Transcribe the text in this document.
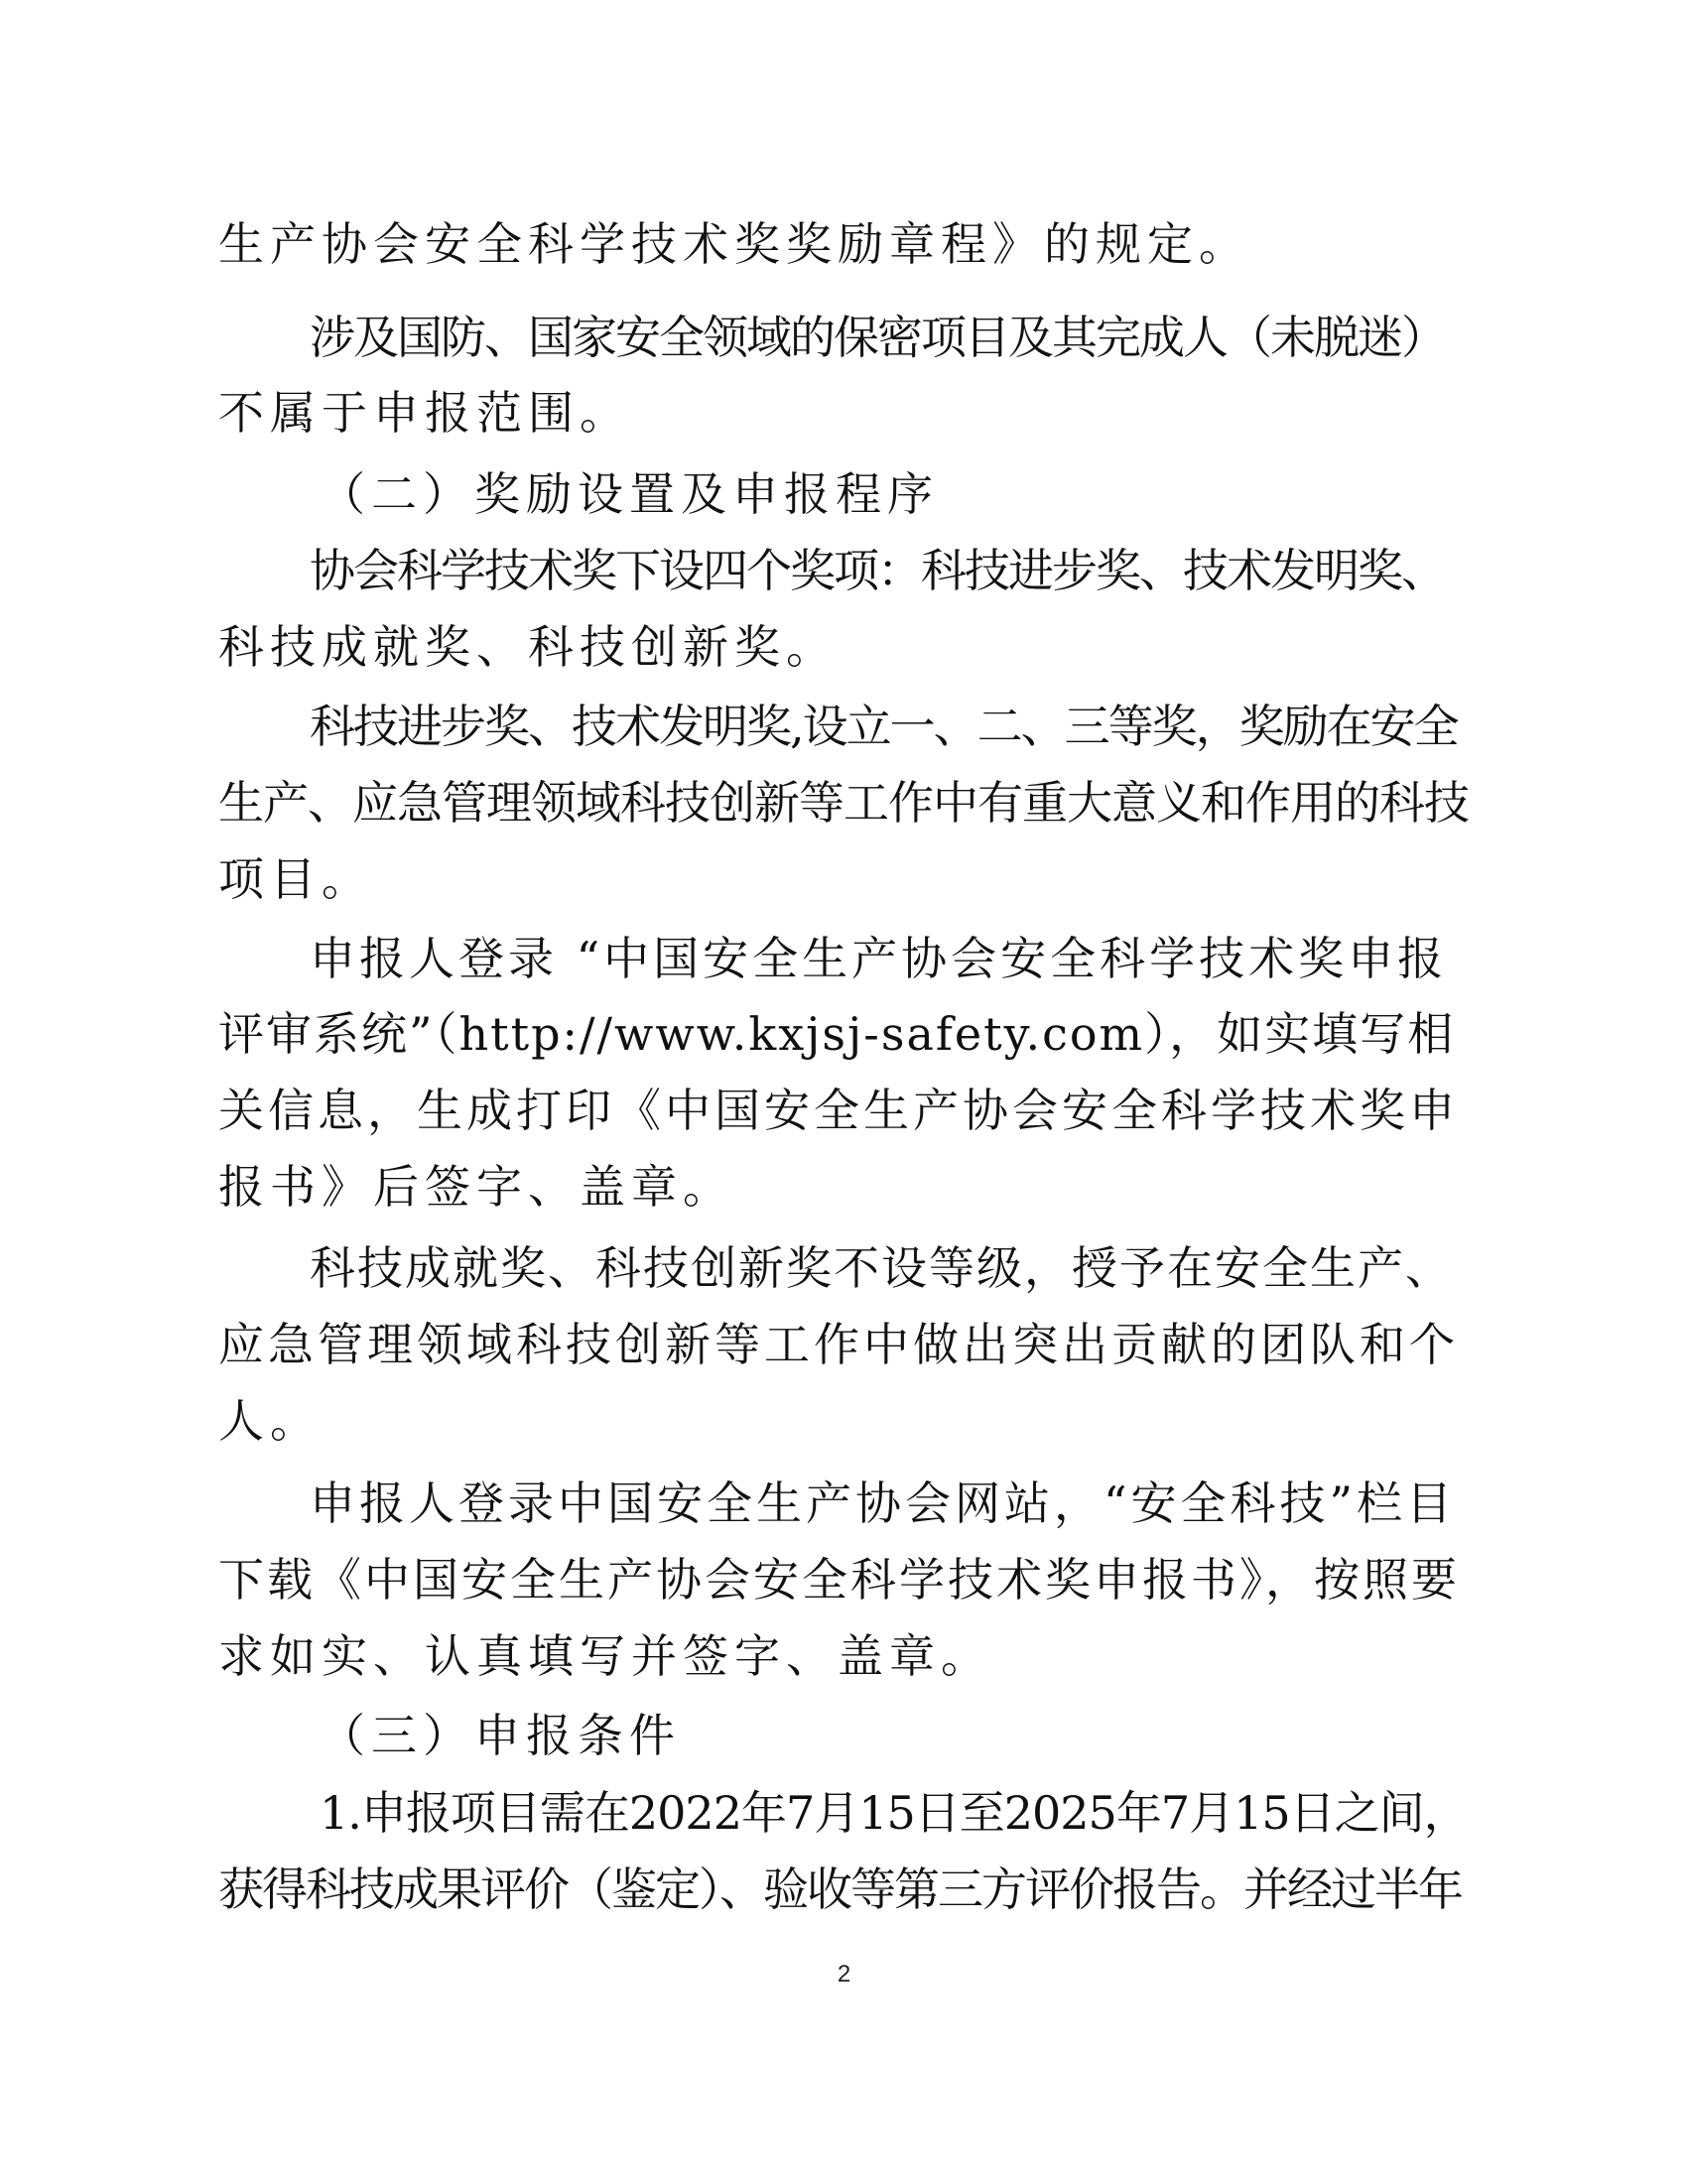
生产协会安全科学技术奖奖励章程》的规定。
涉及国防、国家安全领域的保密项目及其完成人（未脱迷）
不属于申报范围。
（二）奖励设置及申报程序
协会科学技术奖下设四个奖项：科技进步奖、技术发明奖、
科技成就奖、科技创新奖。
科技进步奖、技术发明奖,设立一、二、三等奖，奖励在安全
生产、应急管理领域科技创新等工作中有重大意义和作用的科技
项目。
申报人登录 “中国安全生产协会安全科学技术奖申报
评审系统”（http://www.kxjsj-safety.com），如实填写相
关信息，生成打印《中国安全生产协会安全科学技术奖申
报书》后签字、盖章。
科技成就奖、科技创新奖不设等级，授予在安全生产、
应急管理领域科技创新等工作中做出突出贡献的团队和个
人。
申报人登录中国安全生产协会网站，“安全科技”栏目
下载《中国安全生产协会安全科学技术奖申报书》，按照要
求如实、认真填写并签字、盖章。
（三）申报条件
1.申报项目需在2022年7月15日至2025年7月15日之间，
获得科技成果评价（鉴定）、验收等第三方评价报告。并经过半年
2
